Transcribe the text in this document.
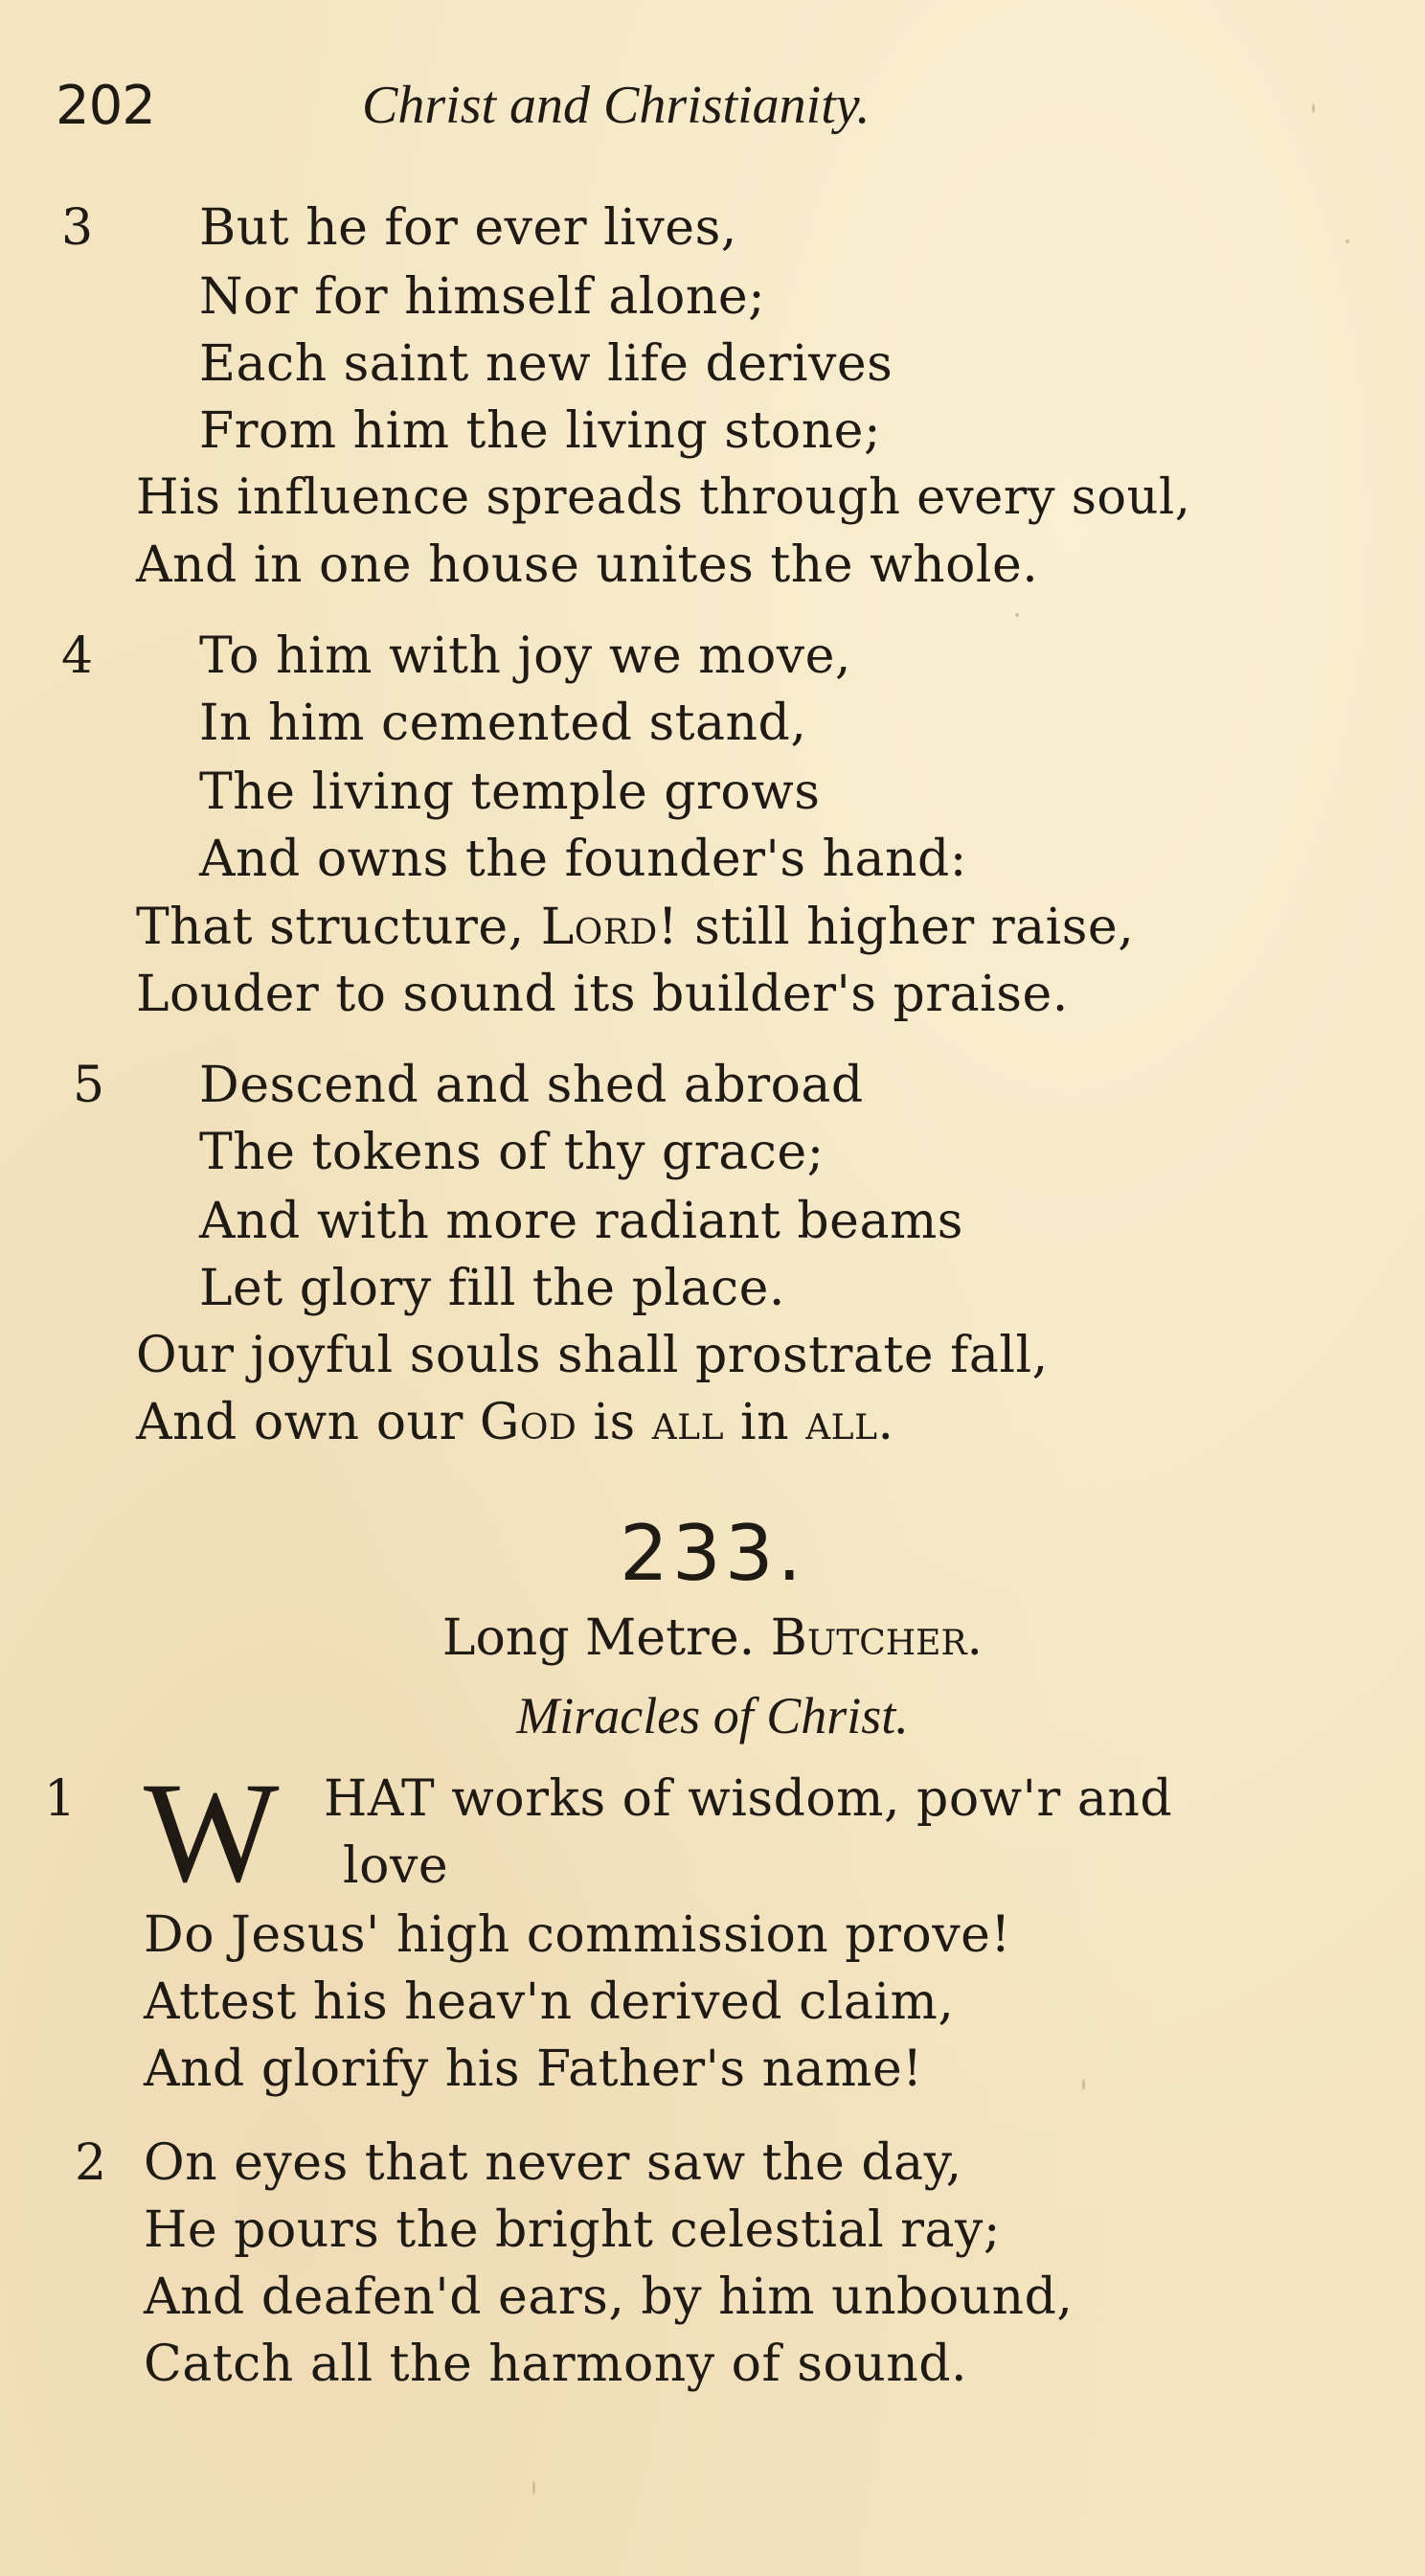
202	Christ and Christianity.
3 But he for ever lives,
Nor for himself alone;
Each saint new life derives
From him the living stone;
His influence spreads through every soul,
And in one house unites the whole.
4 To him with joy we move,
In him cemented stand,
The living temple grows
And owns the founder's hand:
That structure, Lord! still higher raise,
Louder to sound its builder's praise.
5 Descend and shed abroad
The tokens of thy grace;
And with more radiant beams
Let glory fill the place.
Our joyful souls shall prostrate fall,
And own our God is all in all.
233.
Long Metre. Butcher.
Miracles of Christ.
1 W HAT works of wisdom, pow'r and
love
Do Jesus' high commission prove!
Attest his heav'n derived claim,
And glorify his Father's name!
2 On eyes that never saw the day,
He pours the bright celestial ray;
And deafen'd ears, by him unbound,
Catch all the harmony of sound.
